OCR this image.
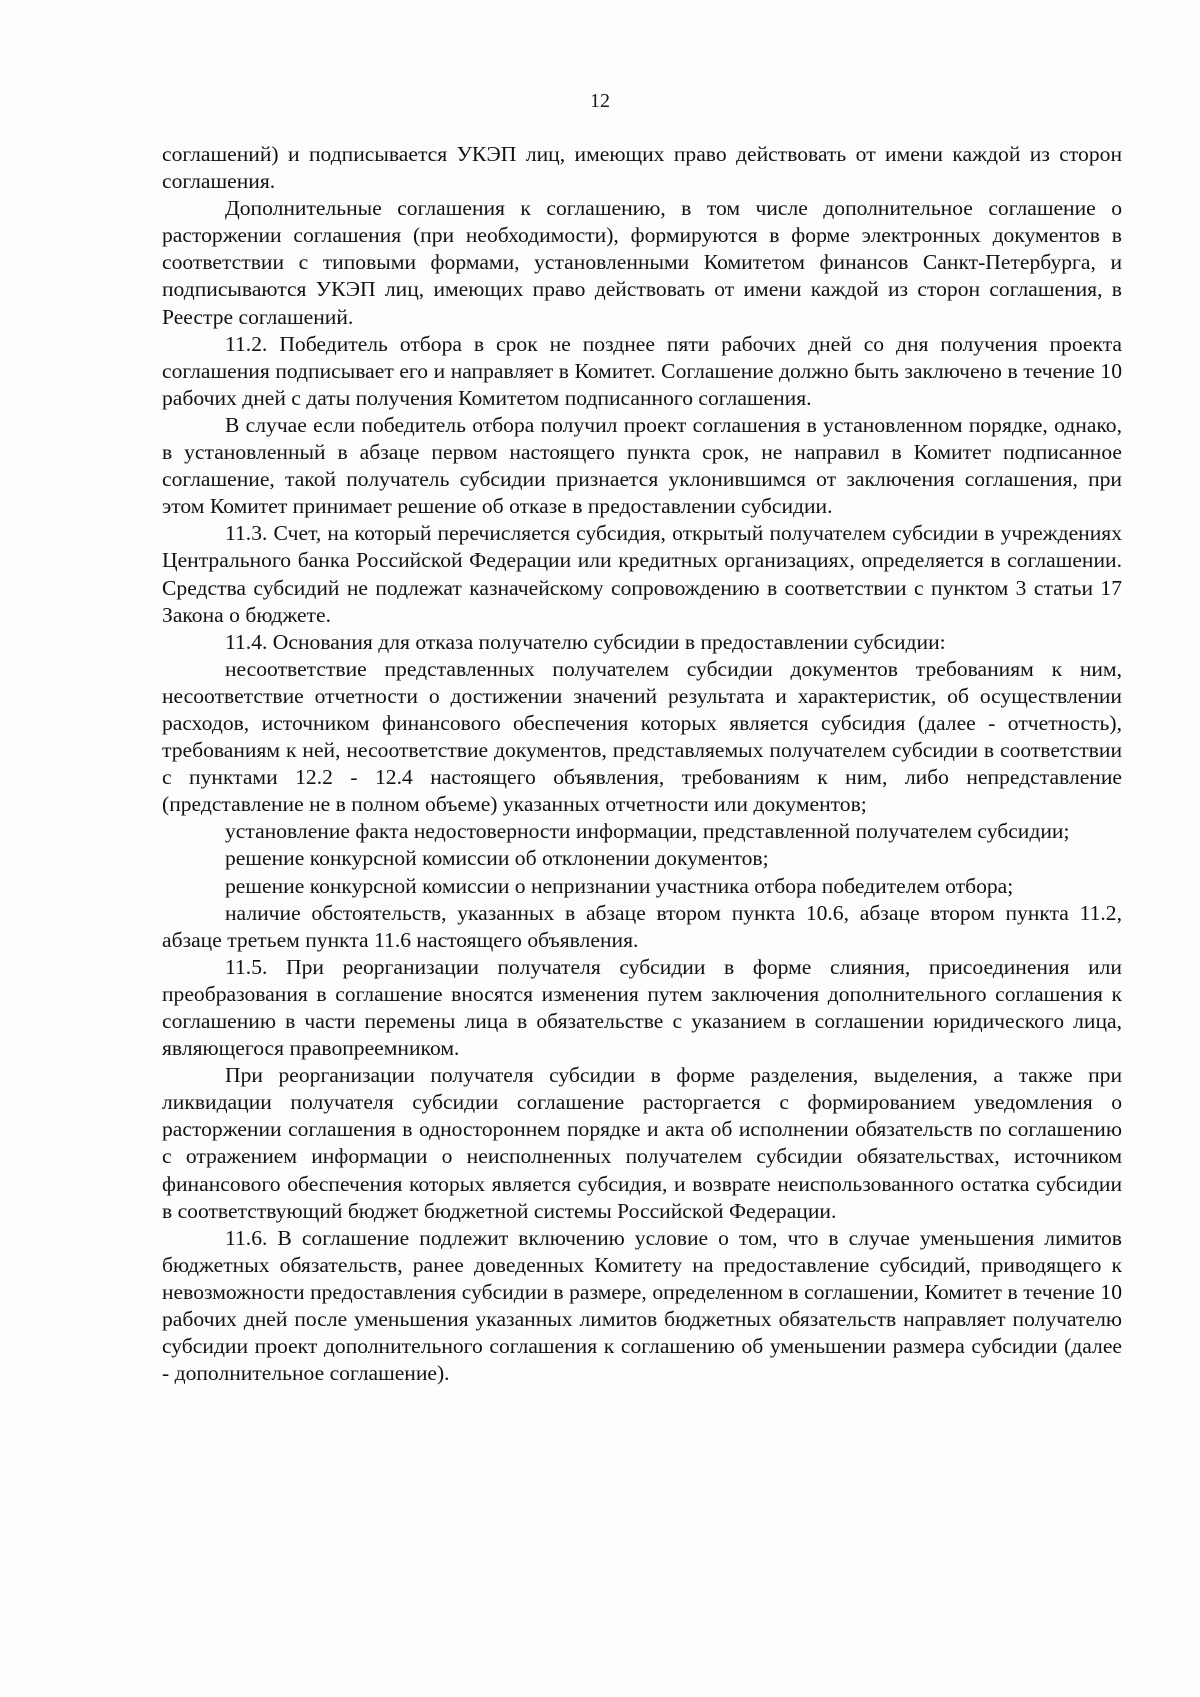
12

соглашений) и подписывается УКЭП лиц, имеющих право действовать от имени каждой из сторон соглашения.

Дополнительные соглашения к соглашению, в том числе дополнительное соглашение о расторжении соглашения (при необходимости), формируются в форме электронных документов в соответствии с типовыми формами, установленными Комитетом финансов Санкт-Петербурга, и подписываются УКЭП лиц, имеющих право действовать от имени каждой из сторон соглашения, в Реестре соглашений.

11.2. Победитель отбора в срок не позднее пяти рабочих дней со дня получения проекта соглашения подписывает его и направляет в Комитет. Соглашение должно быть заключено в течение 10 рабочих дней с даты получения Комитетом подписанного соглашения.

В случае если победитель отбора получил проект соглашения в установленном порядке, однако, в установленный в абзаце первом настоящего пункта срок, не направил в Комитет подписанное соглашение, такой получатель субсидии признается уклонившимся от заключения соглашения, при этом Комитет принимает решение об отказе в предоставлении субсидии.

11.3. Счет, на который перечисляется субсидия, открытый получателем субсидии в учреждениях Центрального банка Российской Федерации или кредитных организациях, определяется в соглашении. Средства субсидий не подлежат казначейскому сопровождению в соответствии с пунктом 3 статьи 17 Закона о бюджете.

11.4. Основания для отказа получателю субсидии в предоставлении субсидии:

несоответствие представленных получателем субсидии документов требованиям к ним, несоответствие отчетности о достижении значений результата и характеристик, об осуществлении расходов, источником финансового обеспечения которых является субсидия (далее - отчетность), требованиям к ней, несоответствие документов, представляемых получателем субсидии в соответствии с пунктами 12.2 - 12.4 настоящего объявления, требованиям к ним, либо непредставление (представление не в полном объеме) указанных отчетности или документов;

установление факта недостоверности информации, представленной получателем субсидии;

решение конкурсной комиссии об отклонении документов;

решение конкурсной комиссии о непризнании участника отбора победителем отбора;

наличие обстоятельств, указанных в абзаце втором пункта 10.6, абзаце втором пункта 11.2, абзаце третьем пункта 11.6 настоящего объявления.

11.5. При реорганизации получателя субсидии в форме слияния, присоединения или преобразования в соглашение вносятся изменения путем заключения дополнительного соглашения к соглашению в части перемены лица в обязательстве с указанием в соглашении юридического лица, являющегося правопреемником.

При реорганизации получателя субсидии в форме разделения, выделения, а также при ликвидации получателя субсидии соглашение расторгается с формированием уведомления о расторжении соглашения в одностороннем порядке и акта об исполнении обязательств по соглашению с отражением информации о неисполненных получателем субсидии обязательствах, источником финансового обеспечения которых является субсидия, и возврате неиспользованного остатка субсидии в соответствующий бюджет бюджетной системы Российской Федерации.

11.6. В соглашение подлежит включению условие о том, что в случае уменьшения лимитов бюджетных обязательств, ранее доведенных Комитету на предоставление субсидий, приводящего к невозможности предоставления субсидии в размере, определенном в соглашении, Комитет в течение 10 рабочих дней после уменьшения указанных лимитов бюджетных обязательств направляет получателю субсидии проект дополнительного соглашения к соглашению об уменьшении размера субсидии (далее - дополнительное соглашение).
